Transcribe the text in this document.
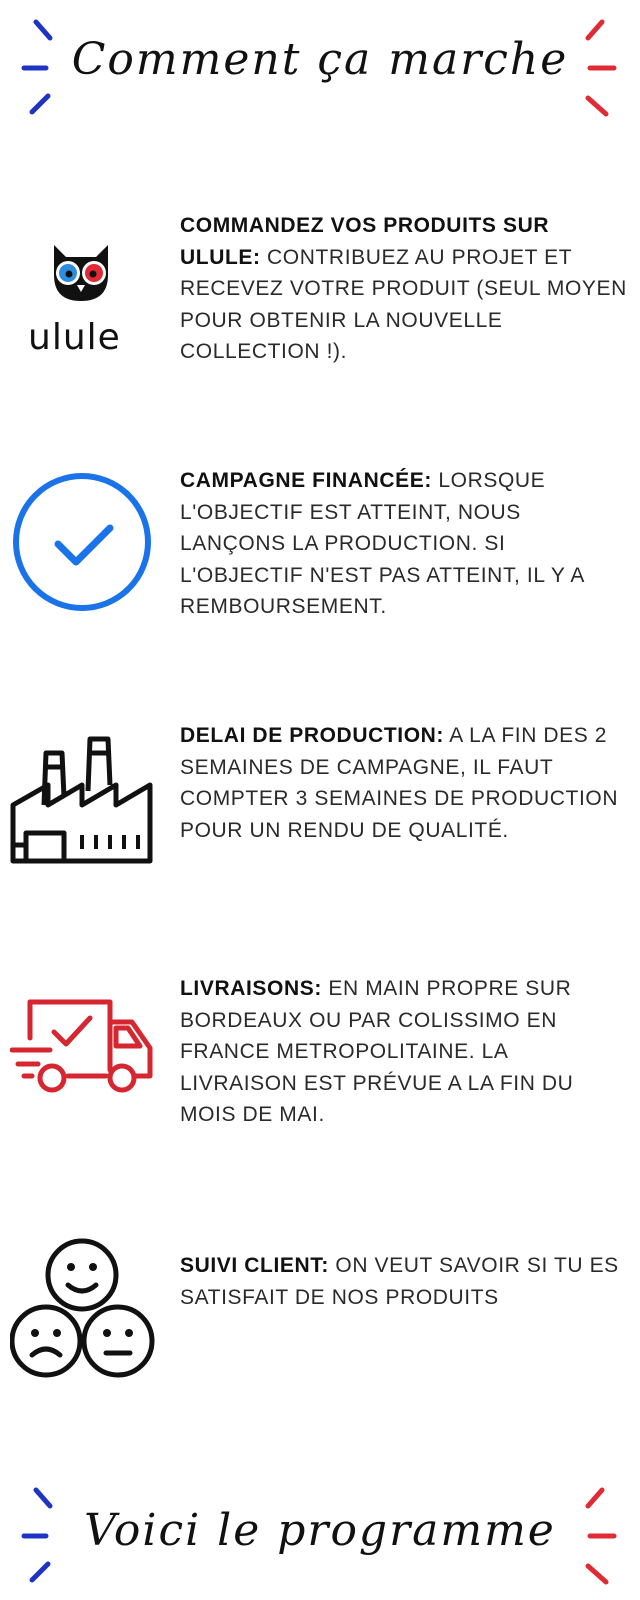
Comment ça marche
ulule
COMMANDEZ VOS PRODUITS SUR ULULE: CONTRIBUEZ AU PROJET ET RECEVEZ VOTRE PRODUIT (SEUL MOYEN POUR OBTENIR LA NOUVELLE COLLECTION !).
CAMPAGNE FINANCÉE: LORSQUE L'OBJECTIF EST ATTEINT, NOUS LANÇONS LA PRODUCTION. SI L'OBJECTIF N'EST PAS ATTEINT, IL Y A REMBOURSEMENT.
DELAI DE PRODUCTION: A LA FIN DES 2 SEMAINES DE CAMPAGNE, IL FAUT COMPTER 3 SEMAINES DE PRODUCTION POUR UN RENDU DE QUALITÉ.
LIVRAISONS: EN MAIN PROPRE SUR BORDEAUX OU PAR COLISSIMO EN FRANCE METROPOLITAINE. LA LIVRAISON EST PRÉVUE A LA FIN DU MOIS DE MAI.
SUIVI CLIENT: ON VEUT SAVOIR SI TU ES SATISFAIT DE NOS PRODUITS
Voici le programme
